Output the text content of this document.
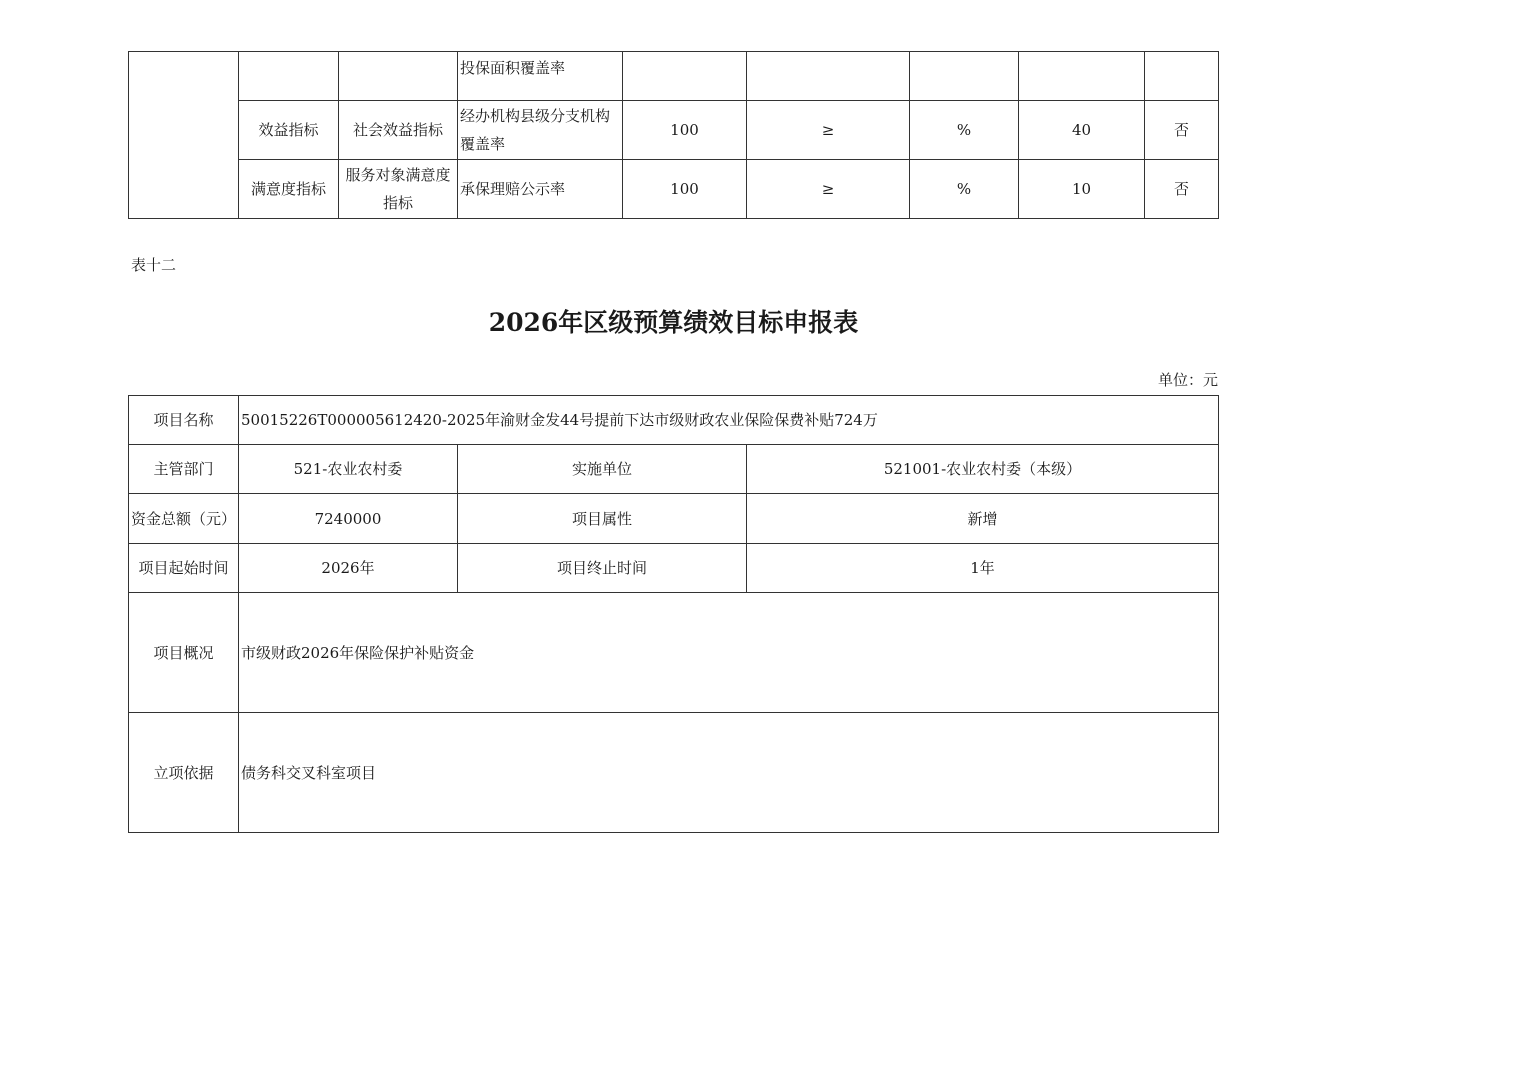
			投保面积覆盖率					
	效益指标	社会效益指标	经办机构县级分支机构覆盖率	100	≥	%	40	否
	满意度指标	服务对象满意度指标	承保理赔公示率	100	≥	%	10	否
表十二
2026年区级预算绩效目标申报表
单位：元
项目名称	50015226T000005612420-2025年渝财金发44号提前下达市级财政农业保险保费补贴724万		
主管部门	521-农业农村委	实施单位	521001-农业农村委（本级）
资金总额（元）	7240000	项目属性	新增
项目起始时间	2026年	项目终止时间	1年
项目概况	市级财政2026年保险保护补贴资金		
立项依据	债务科交叉科室项目		
